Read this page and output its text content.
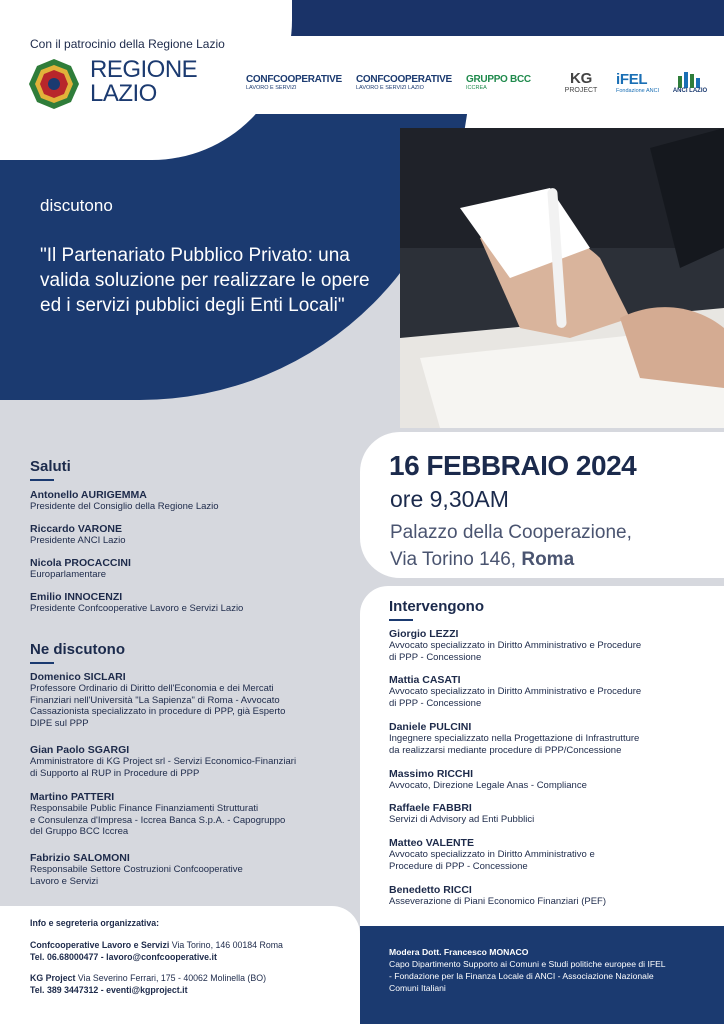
Con il patrocinio della Regione Lazio
REGIONE
LAZIO
CONFCOOPERATIVE
LAVORO E SERVIZI
CONFCOOPERATIVE
LAVORO E SERVIZI LAZIO
GRUPPO BCC
ICCREA
KG
PROJECT
iFEL
Fondazione ANCI	ANCI LAZIO
discutono
"Il Partenariato Pubblico Privato: una valida soluzione per realizzare le opere ed i servizi pubblici degli Enti Locali"
16 FEBBRAIO 2024
ore 9,30AM
Palazzo della Cooperazione,
Via Torino 146, Roma
Intervengono
Giorgio LEZZI
Avvocato specializzato in Diritto Amministrativo e Procedure
di PPP - Concessione
Mattia CASATI
Avvocato specializzato in Diritto Amministrativo e Procedure
di PPP - Concessione
Daniele PULCINI
Ingegnere specializzato nella Progettazione di Infrastrutture
da realizzarsi mediante procedure di PPP/Concessione
Massimo RICCHI
Avvocato, Direzione Legale Anas - Compliance
Raffaele FABBRI
Servizi di Advisory ad Enti Pubblici
Matteo VALENTE
Avvocato specializzato in Diritto Amministrativo e
Procedure di PPP - Concessione
Benedetto RICCI
Asseverazione di Piani Economico Finanziari (PEF)
Modera Dott. Francesco MONACO
Capo Dipartimento Supporto ai Comuni e Studi politiche europee di IFEL
- Fondazione per la Finanza Locale di ANCI - Associazione Nazionale
Comuni Italiani
Saluti
Antonello AURIGEMMA
Presidente del Consiglio della Regione Lazio
Riccardo VARONE
Presidente ANCI Lazio
Nicola PROCACCINI
Europarlamentare
Emilio INNOCENZI
Presidente Confcooperative Lavoro e Servizi Lazio
Ne discutono
Domenico SICLARI
Professore Ordinario di Diritto dell'Economia e dei Mercati
Finanziari nell'Università "La Sapienza" di Roma - Avvocato
Cassazionista specializzato in procedure di PPP, già Esperto
DIPE sul PPP
Gian Paolo SGARGI
Amministratore di KG Project srl - Servizi Economico-Finanziari
di Supporto al RUP in Procedure di PPP
Martino PATTERI
Responsabile Public Finance Finanziamenti Strutturati
e Consulenza d'Impresa - Iccrea Banca S.p.A. - Capogruppo
del Gruppo BCC Iccrea
Fabrizio SALOMONI
Responsabile Settore Costruzioni Confcooperative
Lavoro e Servizi
Info e segreteria organizzativa:
Confcooperative Lavoro e Servizi Via Torino, 146 00184 Roma
Tel. 06.68000477 - lavoro@confcooperative.it
KG Project Via Severino Ferrari, 175 - 40062 Molinella (BO)
Tel. 389 3447312 - eventi@kgproject.it
